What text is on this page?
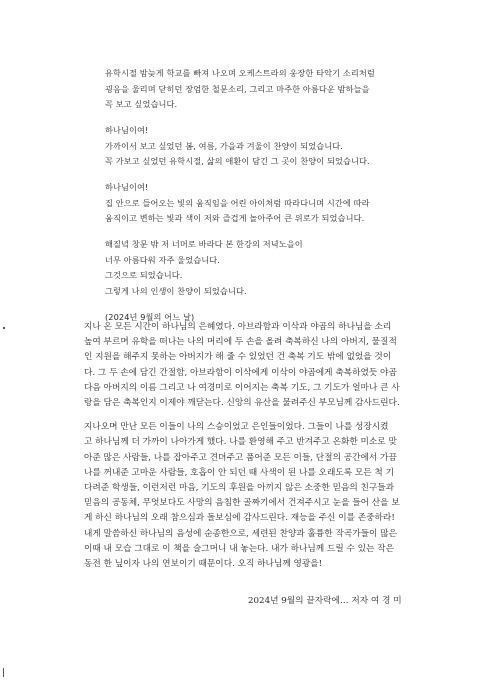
유학시절 밤늦게 학교를 빠져 나오며 오케스트라의 웅장한 타악기 소리처럼
굉음을 울리며 닫히던 장엄한 철문소리, 그리고 마주한 아름다운 밤하늘을
꼭 보고 싶었습니다.
하나님이여!
가까이서 보고 싶었던 봄, 여름, 가을과 겨울이 찬양이 되었습니다.
꼭 가보고 싶었던 유학시절, 삶의 애환이 담긴 그 곳이 찬양이 되었습니다.
하나님이여!
집 안으로 들어오는 빛의 움직임을 어린 아이처럼 따라다니며 시간에 따라
움직이고 변하는 빛과 색이 저와 즐겁게 놀아주어 큰 위로가 되었습니다.
해질녘 창문 밖 저 너머로 바라다 본 한강의 저녁노을이
너무 아름다워 자주 울었습니다.
그것으로 되었습니다.
그렇게 나의 인생이 찬양이 되었습니다.
(2024년 9월의 어느 날)
지나 온 모든 시간이 하나님의 은혜였다. 아브라함과 이삭과 야곱의 하나님을 소리
높여 부르며 유학을 떠나는 나의 머리에 두 손을 올려 축복하신 나의 아버지, 물질적
인 지원을 해주지 못하는 아버지가 해 줄 수 있었던 건 축복 기도 밖에 없었을 것이
다. 그 두 손에 담긴 간절함, 아브라함이 이삭에게 이삭이 야곱에게 축복하였듯 야곱
다음 아버지의 이름 그리고 나 여경미로 이어지는 축복 기도, 그 기도가 얼마나 큰 사
랑을 담은 축복인지 이제야 깨닫는다. 신앙의 유산을 물려주신 부모님께 감사드린다.
지나오며 만난 모든 이들이 나의 스승이었고 은인들이었다. 그들이 나를 성장시켰
고 하나님께 더 가까이 나아가게 했다. 나를 환영해 주고 반겨주고 온화한 미소로 맞
아준 많은 사람들, 나를 잡아주고 견뎌주고 품어준 모든 이들, 단절의 공간에서 가끔
나를 꺼내준 고마운 사람들, 호흡이 안 되던 때 사색이 된 나를 오래도록 모든 척 기
다려준 학생들, 이런저런 마음, 기도의 후원을 아끼지 않은 소중한 믿음의 친구들과
믿음의 공동체, 무엇보다도 사망의 음침한 골짜기에서 건져주시고 눈을 들어 산을 보
게 하신 하나님의 오래 참으심과 돌보심에 감사드린다. 재능을 주신 이를 존중하라!
내게 말씀하신 하나님의 음성에 순종한으로, 세련된 찬양과 훌륭한 작곡가들이 많은
이때 내 모습 그대로 이 책을 슬그머니 내 놓는다. 내가 하나님께 드릴 수 있는 작은
동전 한 닢이자 나의 연보이기 때문이다. 오직 하나님께 영광을!
2024년 9월의 끝자락에… 저자 여 경 미
